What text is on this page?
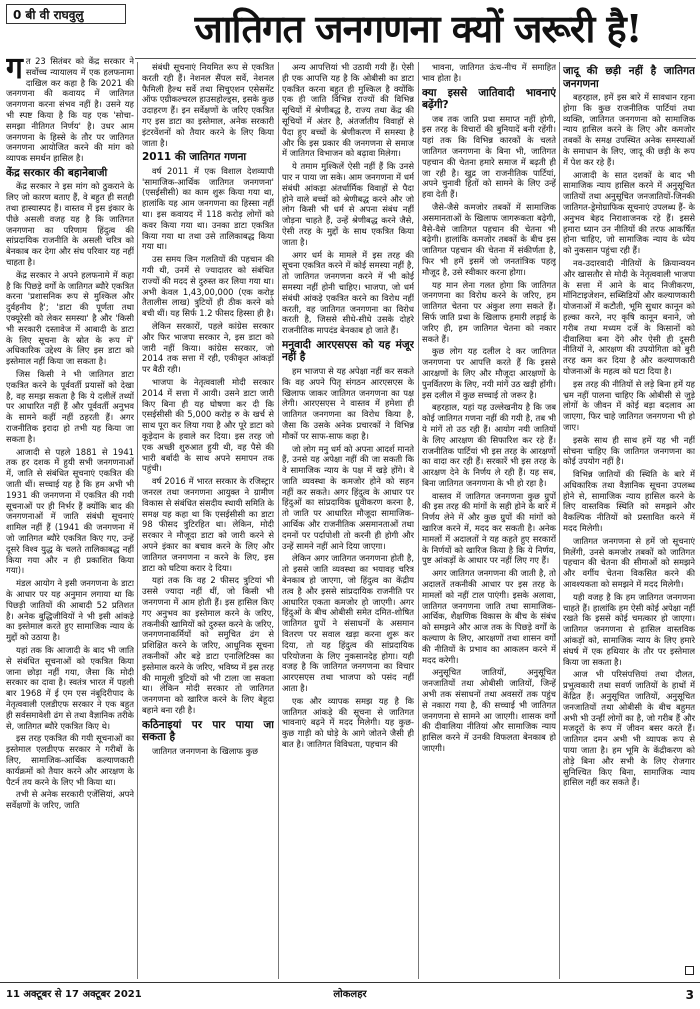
0 बी वी राघवुलु	जातिगत जनगणना क्यों जरूरी है!

गत 23 सितंबर को केंद्र सरकार ने सर्वोच्च न्यायालय में एक हलफनामा दाखिल कर कहा है कि 2021 की जनगणना की कवायद में जातिगत जनगणना करना संभव नहीं है। उसने यह भी स्पष्ट किया है कि यह एक 'सोचा-समझा नीतिगत निर्णय' है। उधर आम जनगणना के हिस्से के तौर पर जातिगत जनगणना आयोजित करने की मांग को व्यापक समर्थन हासिल है।

केंद्र सरकार की बहानेबाजी

केंद्र सरकार ने इस मांग को ठुकराने के लिए जो कारण बताए हैं, वे बहुत ही सतही तथा हास्यास्पद हैं। वास्तव में इस इंकार के पीछे असली वजह यह है कि जातिगत जनगणना का परिणाम हिंदुत्व की सांप्रदायिक राजनीति के असली चरित्र को बेनकाब कर देगा और संघ परिवार यह नहीं चाहता है।

केंद्र सरकार ने अपने हलफनामे में कहा है कि पिछड़े वर्गों के जातिगत ब्यौरे एकत्रित करना 'प्रशासनिक रूप से मुश्किल और दुर्वहनीय है'; 'डाटा की पूर्णता तथा एक्यूरेसी को लेकर समस्या' है और 'किसी भी सरकारी दस्तावेज में आबादी के डाटा के लिए सूचना के स्रोत के रूप में' अधिकारिक उद्देश्य के लिए इस डाटा को इस्तेमाल नहीं किया जा सकता है।

जिस किसी ने भी जातिगत डाटा एकत्रित करने के पूर्ववर्ती प्रयासों को देखा है, वह समझ सकता है कि ये दलीलें तथ्यों पर आधारित नहीं हैं और पूर्ववर्ती अनुभव के सामने कहीं नहीं ठहरती हैं। अगर राजनीतिक इरादा हो तभी यह किया जा सकता है।

आजादी से पहले 1881 से 1941 तक हर दशक में हुयी सभी जनगणनाओं में, जाति से संबंधित सूचनाएं एकत्रित की जाती थीं। सच्चाई यह है कि हम अभी भी 1931 की जनगणना में एकत्रित की गयी सूचनाओं पर ही निर्भर हैं क्योंकि बाद की जनगणनाओं में जाति संबंधी सूचनाएं शामिल नहीं हैं (1941 की जनगणना में जो जातिगत ब्यौरे एकत्रित किए गए, उन्हें दूसरे विश्व युद्ध के चलते तालिकाबद्ध नहीं किया गया और न ही प्रकाशित किया गया)।

मंडल आयोग ने इसी जनगणना के डाटा के आधार पर यह अनुमान लगाया था कि पिछड़ी जातियों की आबादी 52 प्रतिशत है। अनेक बुद्धिजीवियों ने भी इसी आंकड़े का इस्तेमाल करते हुए सामाजिक न्याय के मुद्दों को उठाया है।

यहां तक कि आजादी के बाद भी जाति से संबंधित सूचनाओं को एकत्रित किया जाना छोड़ा नहीं गया, जैसा कि मोदी सरकार का दावा है। स्वतंत्र भारत में पहली बार 1968 में ई एम एस नंबूदिरीपाद के नेतृत्ववाली एलडीएफ सरकार ने एक बहुत ही सर्वसमावेशी ढंग से तथा वैज्ञानिक तरीके से, जातिगत ब्यौरे एकत्रित किए थे।

इस तरह एकत्रित की गयी सूचनाओं का इस्तेमाल एलडीएफ सरकार ने गरीबों के लिए, सामाजिक-आर्थिक कल्याणकारी कार्यक्रमों को तैयार करने और आरक्षण के पैटर्न तय करने के लिए भी किया था।

तभी से अनेक सरकारी एजेंसियां, अपने सर्वेक्षणों के जरिए, जाति

संबंधी सूचनाएं नियमित रूप से एकत्रित करती रही हैं। नेशनल सैंपल सर्वे, नेशनल फैमिली हैल्थ सर्वे तथा सिचुएशन एसेसमेंट ऑफ एग्रीकल्चरल हाउसहोल्ड्स, इसके कुछ उदाहरण हैं। इन सर्वेक्षणों के जरिए एकत्रित गए इस डाटा का इस्तेमाल, अनेक सरकारी इंटरवेंशनों को तैयार करने के लिए किया जाता है।

2011 की जातिगत गणना

वर्ष 2011 में एक विशाल देशव्यापी 'सामाजिक-आर्थिक जातिगत जनगणना' (एसईसीसी) का काम शुरू किया गया था, हालांकि यह आम जनगणना का हिस्सा नहीं था। इस कवायद में 118 करोड़ लोगों को कवर किया गया था। उनका डाटा एकत्रित किया गया था तथा उसे तालिकाबद्ध किया गया था।

उस समय जिन गलतियों की पहचान की गयी थी, उनमें से ज्यादातर को संबंधित राज्यों की मदद से दुरुस्त कर लिया गया था। अभी केवल 1,43,00,000 (एक करोड़ तैतालीस लाख) त्रुटियों ही ठीक करने को बची थीं। यह सिर्फ 1.2 फीसद हिस्सा ही है।

लेकिन सरकारों, पहले कांग्रेस सरकार और फिर भाजपा सरकार ने, इस डाटा को जारी नहीं किया। कांग्रेस सरकार, जो 2014 तक सत्ता में रही, एकीकृत आंकड़ों पर बैठी रही।

भाजपा के नेतृत्ववाली मोदी सरकार 2014 में सत्ता में आयी। उसने डाटा जारी किए बिना ही यह घोषणा कर दी कि एसईसीसी की 5,000 करोड़ रु के खर्च से साथ पूरा कर लिया गया है और पूरे डाटा को कूड़ेदान के हवाले कर दिया। इस तरह जो एक अच्छी शुरुआत हुयी थी, वह पैसे की भारी बर्बादी के साथ अपने समापन तक पहुंची।

वर्ष 2016 में भारत सरकार के रजिस्ट्रार जनरल तथा जनगणना आयुक्त ने ग्रामीण विकास से संबंधित संसदीय स्थायी समिति के समक्ष यह कहा था कि एसईसीसी का डाटा 98 फीसद त्रुटिरहित था। लेकिन, मोदी सरकार ने मौजूदा डाटा को जारी करने से अपने इंकार का बचाव करने के लिए और जातिगत जनगणना न करने के लिए, इस डाटा को घटिया करार दे दिया।

यहां तक कि वह 2 फीसद त्रुटियां भी उससे ज्यादा नहीं थीं, जो किसी भी जनगणना में आम होती हैं। इस हासिल किए गए अनुभव का इस्तेमाल करने के जरिए, तकनीकी खामियों को दुरुस्त करने के जरिए, जनगणनाकर्मियों को समुचित ढंग से प्रशिक्षित करने के जरिए, आधुनिक सूचना तकनीकों और बड़े डाटा एनालिटिक्स का इस्तेमाल करने के जरिए, भविष्य में इस तरह की मामूली त्रुटियों को भी टाला जा सकता था। लेकिन मोदी सरकार तो जातिगत जनगणना को खारिज करने के लिए बेहूदा बहाने बना रही है।

कठिनाइयां पर पार पाया जा सकता है

जातिगत जनगणना के खिलाफ कुछ

अन्य आपत्तियां भी उठायी गयी हैं। ऐसी ही एक आपत्ति यह है कि ओबीसी का डाटा एकत्रित करना बहुत ही मुश्किल है क्योंकि एक ही जाति विभिन्न राज्यों की विभिन्न सूचियों में श्रेणीबद्ध है, राज्य तथा केंद्र की सूचियों में अंतर है, अंतर्जातीय विवाहों से पैदा हुए बच्चों के श्रेणीकरण में समस्या है और कि इस प्रकार की जनगणना से समाज में जातिगत विभाजन को बढ़ावा मिलेगा।

ये तमाम मुश्किलें ऐसी नहीं हैं कि उनसे पार न पाया जा सके। आम जनगणना में धर्म संबंधी आंकड़ा अंतर्धार्मिक विवाहों से पैदा होने वाले बच्चों को श्रेणीबद्ध करने और जो लोग किसी भी धर्म से अपना संबंध नहीं जोड़ना चाहते हैं, उन्हें श्रेणीबद्ध करने जैसे, ऐसी तरह के मुद्दों के साथ एकत्रित किया जाता है।

अगर धर्म के मामले में इस तरह की सूचना एकत्रित करने में कोई समस्या नहीं है, तो जातिगत जनगणना करने में भी कोई समस्या नहीं होनी चाहिए। भाजपा, जो धर्म संबंधी आंकड़े एकत्रित करने का विरोध नहीं करती, वह जातिगत जनगणना का विरोध करती है, जिससे सीधे-सीधे उसके दोहरे राजनीतिक मापदंड बेनकाब हो जाते हैं।

मनुवादी आरएसएस को यह मंजूर नहीं है

हम भाजपा से यह अपेक्षा नहीं कर सकते कि वह अपने पितृ संगठन आरएसएस के खिलाफ जाकर जातिगत जनगणना का पक्ष लेगी। आरएसएस ने वास्तव में हमेशा ही जातिगत जनगणना का विरोध किया है, जैसा कि उसके अनेक प्रचारकों ने विभिन्न मौकों पर साफ-साफ कहा है।

जो लोग मनु धर्म को अपना आदर्श मानते हैं, उनसे यह अपेक्षा नहीं की जा सकती कि वे सामाजिक न्याय के पक्ष में खड़े होंगे। वे जाति व्यवस्था के कमजोर होने को सहन नहीं कर सकते। अगर हिंदुत्व के आधार पर हिंदुओं का सांप्रदायिक ध्रुवीकरण करना है, तो जाति पर आधारित मौजूदा सामाजिक-आर्थिक और राजनीतिक असमानताओं तथा दमनों पर पर्दापोशी तो करनी ही होगी और उन्हें सामने नहीं आने दिया जाएगा।

लेकिन अगर जातिगत जनगणना होती है, तो इससे जाति व्यवस्था का भयावह चरित्र बेनकाब हो जाएगा, जो हिंदुत्व का केंद्रीय तत्व है और इससे सांप्रदायिक राजनीति पर आधारित एकता कमजोर हो जाएगी। अगर हिंदुओं के बीच ओबीसी समेत दमित-शोषित जातिगत ग्रुपों ने संसाधनों के असमान वितरण पर सवाल खड़ा करना शुरू कर दिया, तो यह हिंदुत्व की सांप्रदायिक परियोजना के लिए नुकसानदेह होगा। यही वजह है कि जातिगत जनगणना का विचार आरएसएस तथा भाजपा को पसंद नहीं आता है।

एक और व्यापक समझ यह है कि जातिगत आंकड़े की सूचना से जातिगत भावनाएं बढ़ने में मदद मिलेगी। यह कुछ-कुछ गाड़ी को घोड़े के आगे जोतने जैसी ही बात है। जातिगत विविधता, पहचान की

भावना, जातिगत ऊंच-नीच में समाहित भाव होता है।

क्या इससे जातिवादी भावनाएं बढ़ेंगी?

जब तक जाति प्रथा समाप्त नहीं होगी, इस तरह के विचारों की बुनियादें बनी रहेंगी। यहां तक कि विभिन्न कारकों के चलते जातिगत जनगणना के बिना भी, जातिगत पहचान की चेतना हमारे समाज में बढ़ती ही जा रही है। खुद्र जा राजनीतिक पार्टियां, अपने चुनावी हितों को सामने के लिए उन्हें हवा देती हैं।

जैसे-जैसे कमजोर तबकों में सामाजिक असमानताओं के खिलाफ जागरूकता बढ़ेगी, वैसे-वैसे जातिगत पहचान की चेतना भी बढ़ेगी। हालांकि कमजोर तबकों के बीच इस जातिगत पहचान की चेतना में संकीर्णता है, फिर भी हमें इसमें जो जनतांत्रिक पहलू मौजूद है, उसे स्वीकार करना होगा।

यह मान लेना गलत होगा कि जातिगत जनगणना का विरोध करने के जरिए, हम जातिगत चेतना पर अंकुश लगा सकते हैं। सिर्फ जाति प्रथा के खिलाफ हमारी लड़ाई के जरिए ही, हम जातिगत चेतना को नकार सकते हैं।

कुछ लोग यह दलील दे कर जातिगत जनगणना पर आपत्ति करते हैं कि इससे आरक्षणों के लिए और मौजूदा आरक्षणों के पुनर्वितरण के लिए, नयी मांगें उठ खड़ी होंगी। इस दलील में कुछ सच्चाई तो जरूर है।

बहरहाल, यहां यह उल्लेखनीय है कि जब कोई जातिगत गणना नहीं की गयी है, तब भी ये मांगें तो उठ रही हैं। आयोग नयी जातियों के लिए आरक्षण की सिफारिश कर रहे हैं। राजनीतिक पार्टियां भी इस तरह के आरक्षणों का वादा कर रही हैं। सरकारें भी इस तरह के आरक्षण देने के निर्णय ले रही हैं। यह सब, बिना जातिगत जनगणना के भी हो रहा है।

वास्तव में जातिगत जनगणना कुछ ग्रुपों की इस तरह की मांगों के सही होने के बारे में निर्णय लेने में और कुछ ग्रुपों की मांगों को खारिज करने में, मदद कर सकती है। अनेक मामलों में अदालतों ने यह कहते हुए सरकारों के निर्णयों को खारिज किया है कि ये निर्णय, पुष्ट आंकड़ों के आधार पर नहीं लिए गए हैं।

अगर जातिगत जनगणना की जाती है, तो अदालतें तकनीकी आधार पर इस तरह के मामलों को नहीं टाल पाएंगी। इसके अलावा, जातिगत जनगणना जाति तथा सामाजिक-आर्थिक, शैक्षणिक विकास के बीच के संबंध को समझने और आज तक के पिछड़े वर्गों के कल्याण के लिए, आरक्षणों तथा शासन वर्गों की नीतियों के प्रभाव का आकलन करने में मदद करेगी।

अनुसूचित जातियों, अनुसूचित जनजातियों तथा ओबीसी जातियों, जिन्हें अभी तक संसाधनों तथा अवसरों तक पहुंच से नकारा गया है, की सच्चाई भी जातिगत जनगणना से सामने आ जाएगी। शासक वर्गों की दीवालिया नीतियां और सामाजिक न्याय हासिल करने में उनकी विफलता बेनकाब हो जाएगी।

जादू की छड़ी नहीं है जातिगत जनगणना

बहरहाल, हमें इस बारे में सावधान रहना होगा कि कुछ राजनीतिक पार्टियां तथा व्यक्ति, जातिगत जनगणना को सामाजिक न्याय हासिल करने के लिए और कमजोर तबकों के समक्ष उपस्थित अनेक समस्याओं के समाधान के लिए, जादू की छड़ी के रूप में पेश कर रहे हैं।

आजादी के सात दशकों के बाद भी सामाजिक न्याय हासिल करने में अनुसूचित जातियों तथा अनुसूचित जनजातियों-जिनकी जातिगत-ड्रेमोग्राफिक सूचनाएं उपलब्ध हैं- के अनुभव बेहद निराशाजनक रहे हैं। इससे हमारा ध्यान उन नीतियों की तरफ आकर्षित होना चाहिए, जो सामाजिक न्याय के ध्येय को नुकसान पहुंचा रही हैं।

नव-उदारवादी नीतियों के क्रियान्वयन और खासतौर से मोदी के नेतृत्ववाली भाजपा के सत्ता में आने के बाद निजीकरण, मॉनिटाइजेशन, सब्सिडियों और कल्याणकारी योजनाओं में कटौती, भूमि सुधार कानून को हल्का करने, नए कृषि कानून बनाने, जो गरीब तथा मध्यम दर्जे के किसानों को दीवालिया बना देंगे और ऐसी ही दूसरी नीतियों ने, आरक्षण की उपयोगिता को बुरी तरह कम कर दिया है और कल्याणकारी योजनाओं के महत्व को घटा दिया है।

इस तरह की नीतियों से लड़े बिना हमें यह भ्रम नहीं पालना चाहिए कि ओबीसी से जुड़े लोगों के जीवन में कोई बड़ा बदलाव आ जाएगा, फिर चाहे जातिगत जनगणना भी हो जाए।

इसके साथ ही साथ हमें यह भी नहीं सोचना चाहिए कि जातिगत जनगणना का कोई उपयोग नहीं है।

विभिन्न जातियों की स्थिति के बारे में अधिकारिक तथा वैज्ञानिक सूचना उपलब्ध होने से, सामाजिक न्याय हासिल करने के लिए वास्तविक स्थिति को समझने और वैकल्पिक नीतियों को प्रस्तावित करने में मदद मिलेगी।

जातिगत जनगणना से हमें जो सूचनाएं मिलेंगी, उनसे कमजोर तबकों को जातिगत पहचान की चेतना की सीमाओं को समझने और वर्गीय चेतना विकसित करने की आवश्यकता को समझने में मदद मिलेगी।

यही वजह है कि हम जातिगत जनगणना चाहते हैं। हालांकि हम ऐसी कोई अपेक्षा नहीं रखते कि इससे कोई चमत्कार हो जाएगा। जातिगत जनगणना से हासिल वास्तविक आंकड़ों को, सामाजिक न्याय के लिए हमारे संघर्ष में एक हथियार के तौर पर इस्तेमाल किया जा सकता है।

आज भी परिसंपत्तियां तथा दौलत, प्रभुत्वकारी तथा सवर्ण जातियों के हाथों में केंद्रित हैं। अनुसूचित जातियों, अनुसूचित जनजातियों तथा ओबीसी के बीच बहुमत अभी भी उन्हीं लोगों का है, जो गरीब हैं और मजदूरों के रूप में जीवन बसर करते हैं। जातिगत दमन अभी भी व्यापक रूप से पाया जाता है। हम भूमि के केंद्रीकरण को तोड़े बिना और सभी के लिए रोजगार सुनिश्चित किए बिना, सामाजिक न्याय हासिल नहीं कर सकते हैं।

11 अक्टूबर से 17 अक्टूबर 2021	लोकलहर	3
